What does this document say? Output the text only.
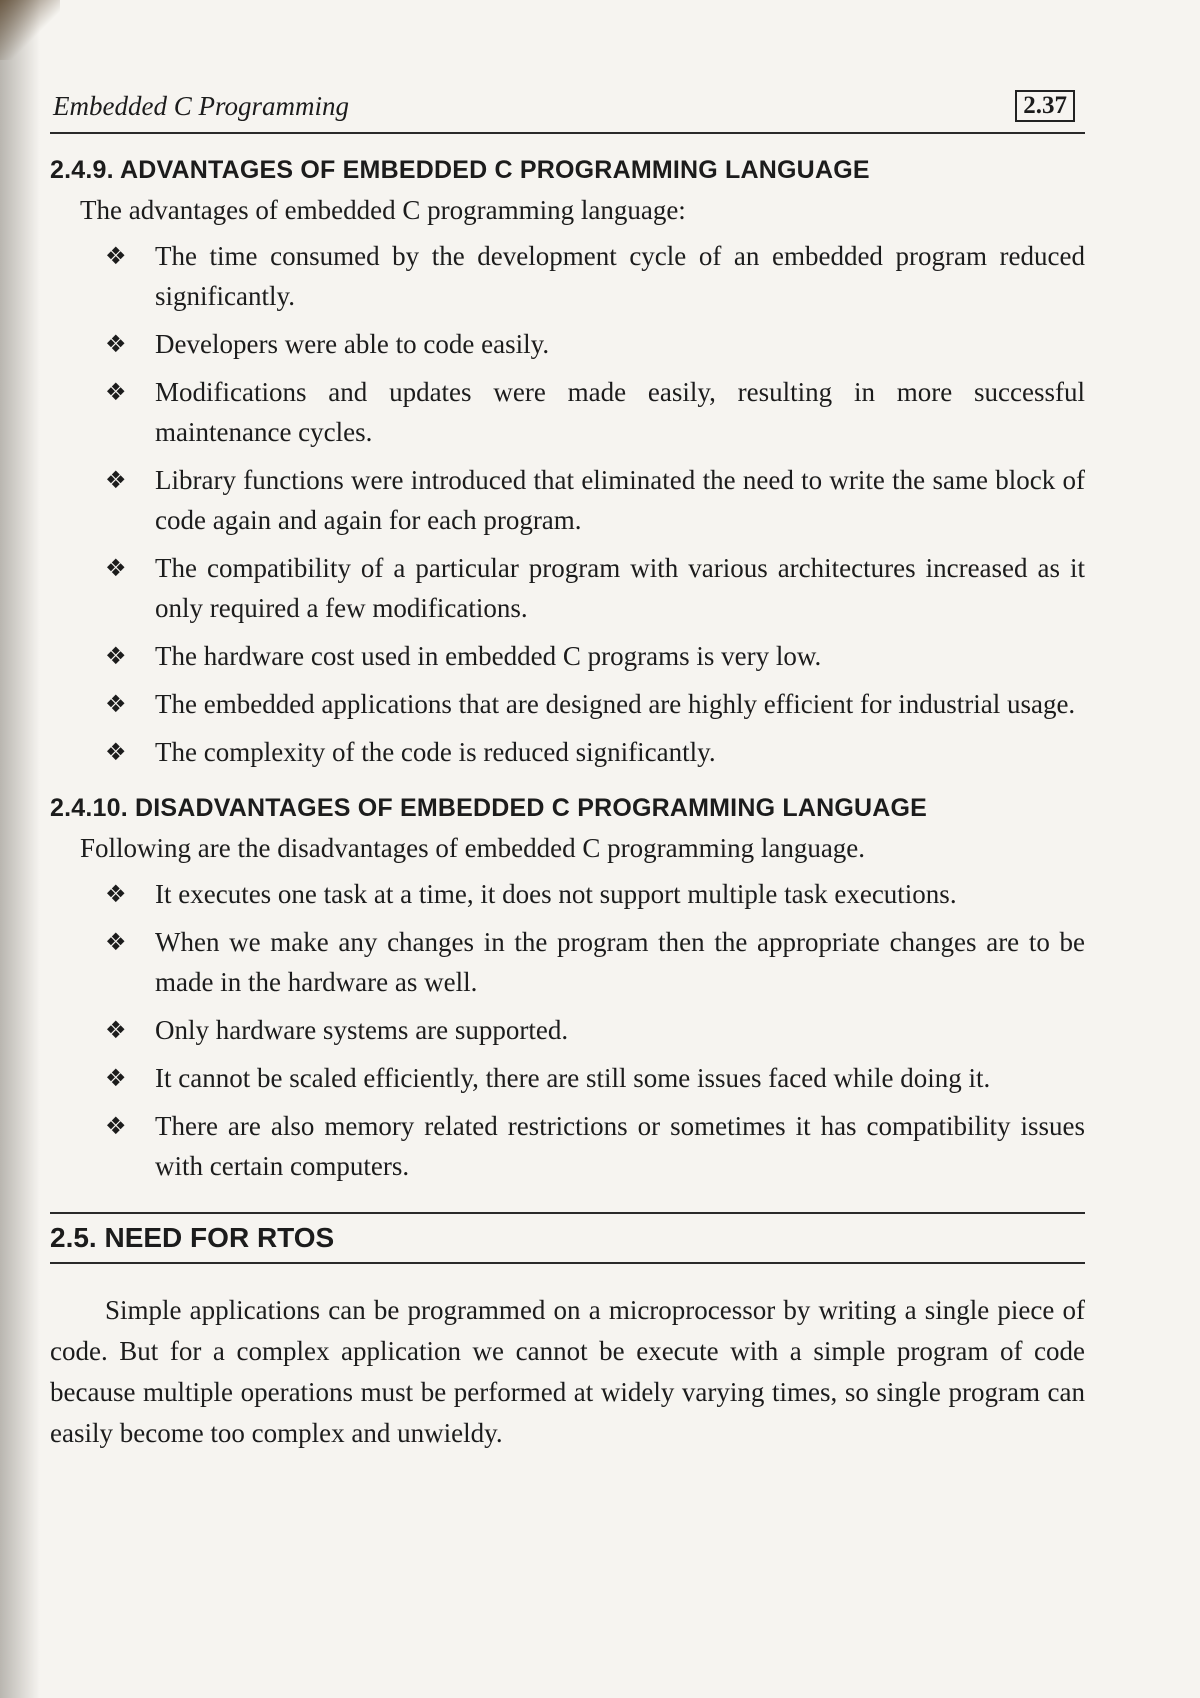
Embedded C Programming	2.37
2.4.9. ADVANTAGES OF EMBEDDED C PROGRAMMING LANGUAGE

The advantages of embedded C programming language:

❖ The time consumed by the development cycle of an embedded program reduced significantly.
❖ Developers were able to code easily.
❖ Modifications and updates were made easily, resulting in more successful maintenance cycles.
❖ Library functions were introduced that eliminated the need to write the same block of code again and again for each program.
❖ The compatibility of a particular program with various architectures increased as it only required a few modifications.
❖ The hardware cost used in embedded C programs is very low.
❖ The embedded applications that are designed are highly efficient for industrial usage.
❖ The complexity of the code is reduced significantly.
2.4.10. DISADVANTAGES OF EMBEDDED C PROGRAMMING LANGUAGE

Following are the disadvantages of embedded C programming language.

❖ It executes one task at a time, it does not support multiple task executions.
❖ When we make any changes in the program then the appropriate changes are to be made in the hardware as well.
❖ Only hardware systems are supported.
❖ It cannot be scaled efficiently, there are still some issues faced while doing it.
❖ There are also memory related restrictions or sometimes it has compatibility issues with certain computers.
2.5. NEED FOR RTOS

Simple applications can be programmed on a microprocessor by writing a single piece of code. But for a complex application we cannot be execute with a simple program of code because multiple operations must be performed at widely varying times, so single program can easily become too complex and unwieldy.
